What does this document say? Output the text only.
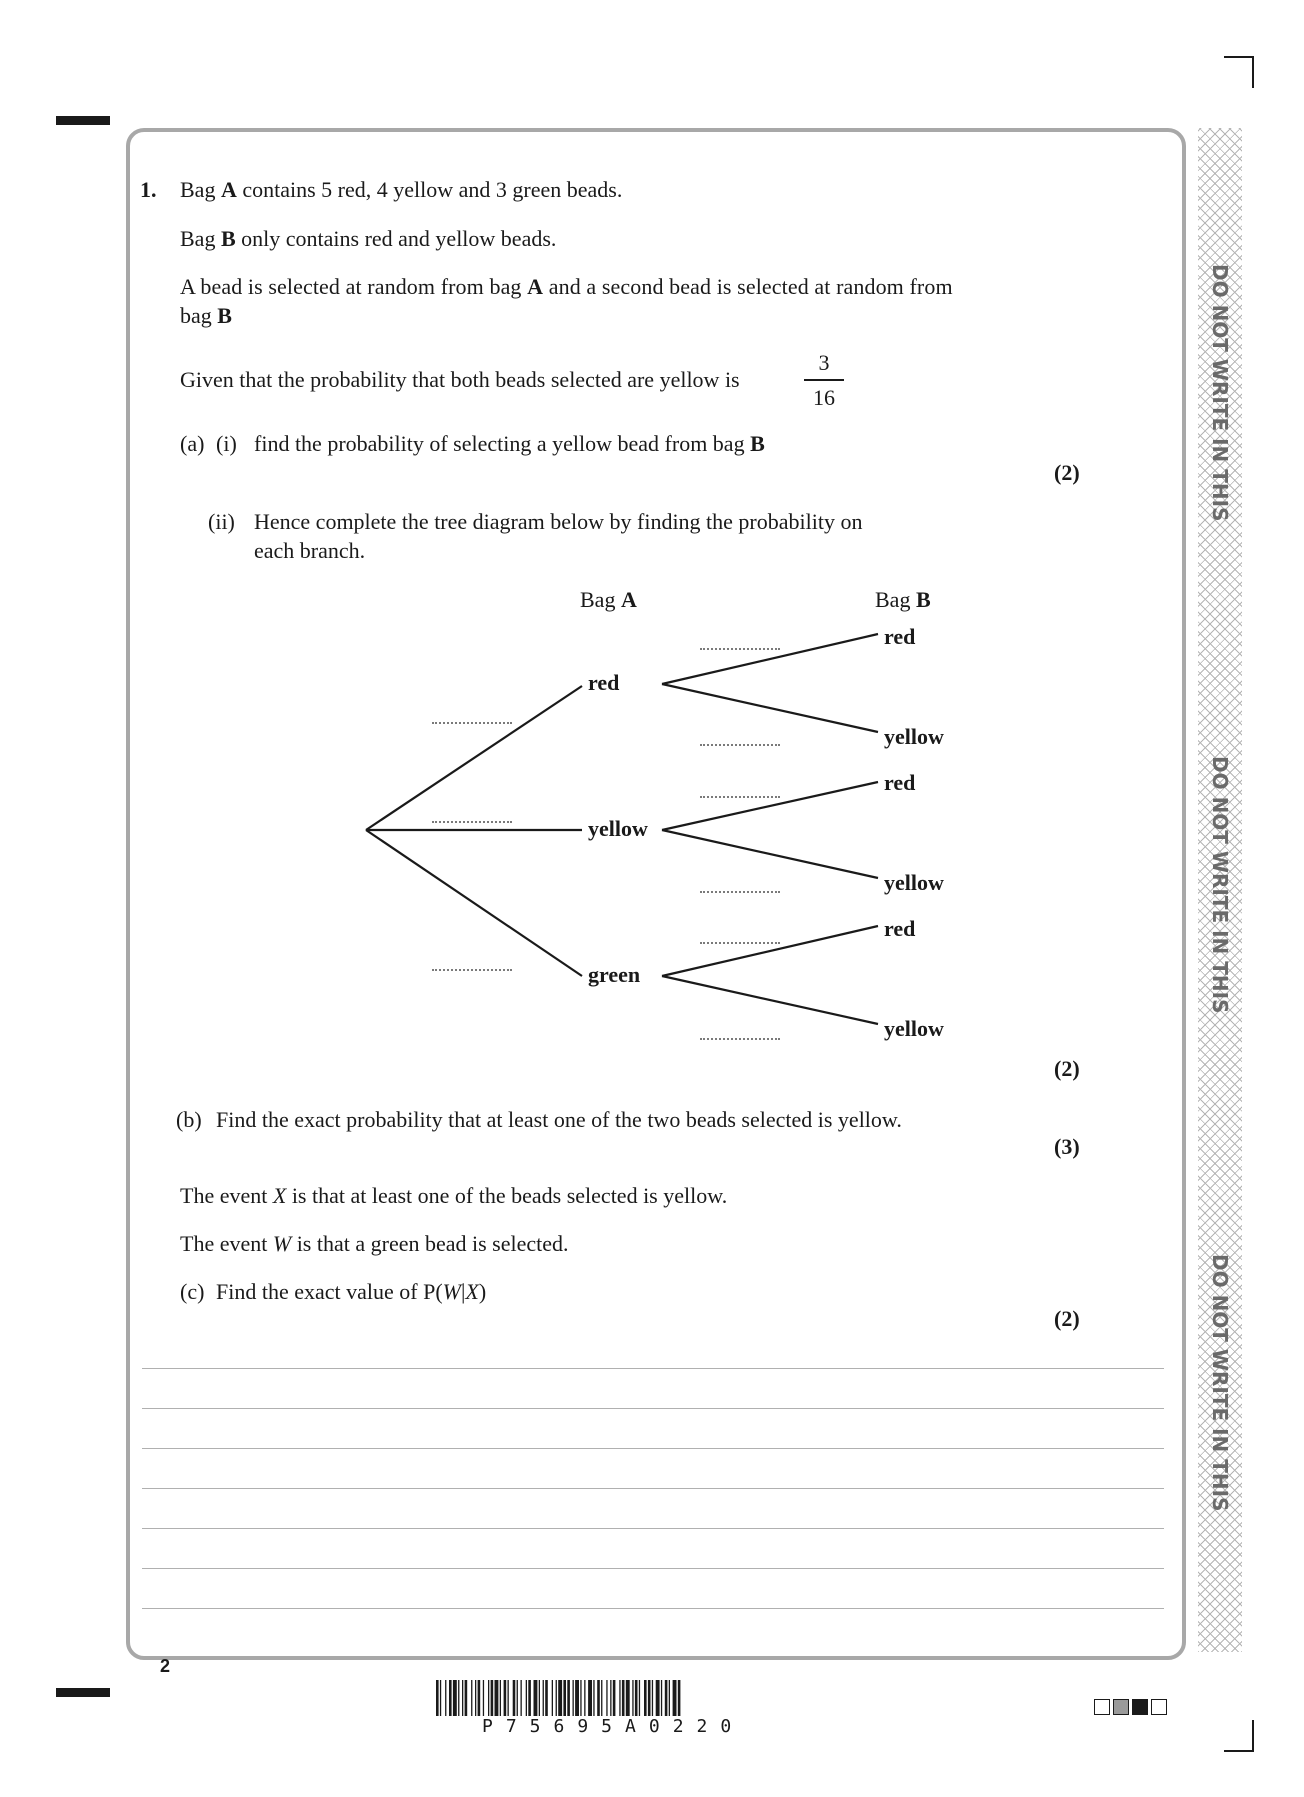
DO NOT WRITE IN THIS
DO NOT WRITE IN THIS
DO NOT WRITE IN THIS
1. Bag A contains 5 red, 4 yellow and 3 green beads.
Bag B only contains red and yellow beads.
A bead is selected at random from bag A and a second bead is selected at random from
bag B
Given that the probability that both beads selected are yellow is
3
16
(a) (i) find the probability of selecting a yellow bead from bag B
(2)
(ii) Hence complete the tree diagram below by finding the probability on
each branch.
Bag A	Bag B
red
yellow
green
red
yellow
red
yellow
red
yellow
(2)
(b) Find the exact probability that at least one of the two beads selected is yellow.
(3)
The event X is that at least one of the beads selected is yellow.
The event W is that a green bead is selected.
(c) Find the exact value of P(W|X)
(2)
2
P75695A0220
